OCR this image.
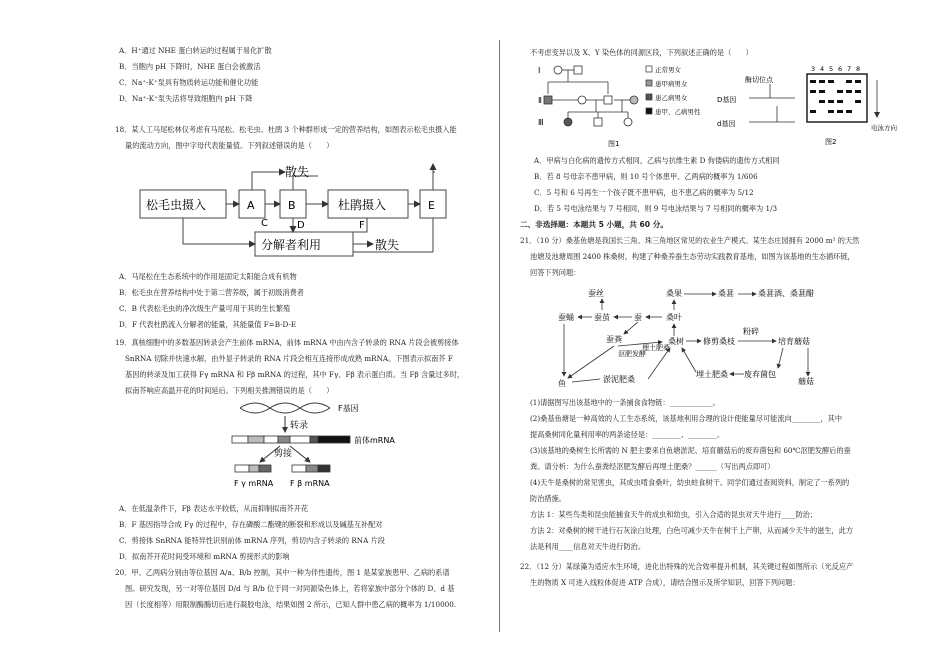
A．H⁺通过 NHE 蛋白转运的过程属于易化扩散
B．当胞内 pH 下降时，NHE 蛋白会被激活
C．Na⁺-K⁺泵具有物质转运功能和催化功能
D．Na⁺-K⁺泵失活将导致细胞内 pH 下降
18．某人工马尾松林仅考虑有马尾松、松毛虫、杜鹃 3 个种群形成一定的营养结构，如图表示松毛虫摄入能
量的流动方向，图中字母代表能量值。下列叙述错误的是（　　）
松毛虫摄入	A	B	杜鹃摄入	E
散失
C	D	F
分解者利用	散失
A．马尾松在生态系统中的作用是固定太阳能合成有机物
B．松毛虫在营养结构中处于第二营养级，属于初级消费者
C．B 代表松毛虫的净次级生产量可用于其的生长繁殖
D．F 代表杜鹃流入分解者的能量，其能量值 F=B-D-E
19．真核细胞中的多数基因转录会产生前体 mRNA，前体 mRNA 中由内含子转录的 RNA 片段会被剪接体
SnRNA 切除并快速水解，由外显子转录的 RNA 片段会相互连接形成成熟 mRNA。下图表示拟南芥 F
基因的转录及加工获得 Fγ mRNA 和 Fβ mRNA 的过程，其中 Fγ、Fβ 表示蛋白质。当 Fβ 含量过多时，
拟南芥响应高温开花的时间延后。下列相关推测错误的是（　　）
F基因
转录
前体mRNA
剪接
F γ mRNA F β mRNA
A．在低温条件下，Fβ 表达水平较低，从而抑制拟南芥开花
B．F 基因指导合成 Fγ 的过程中，存在磷酸二酯键的断裂和形成以及碱基互补配对
C．剪接体 SnRNA 能特异性识别前体 mRNA 序列，剪切内含子转录的 RNA 片段
D．拟南芥开花时间受环境和 mRNA 剪接形式的影响
20．甲、乙两病分别由等位基因 A/a、B/b 控制，其中一种为伴性遗传，图 1 是某家族患甲、乙病的系谱
图。研究发现，另一对等位基因 D/d 与 B/b 位于同一对同源染色体上，若将家族中部分个体的 D、d 基
因（长度相等）用限制酶酶切后进行凝胶电泳，结果如图 2 所示，已知人群中患乙病的概率为 1/10000.
不考虑变异以及 X、Y 染色体的同源区段，下列叙述正确的是（　　）
Ⅰ
Ⅱ
Ⅲ
正常男女
患甲病男女
患乙病男女
患甲、乙病男性
图1
酶切位点
D基因
d基因
3 4 5 6 7 8
电泳方向
图2
A．甲病与白化病的遗传方式相同，乙病与抗维生素 D 佝偻病的遗传方式相同
B．若 8 号母亲不患甲病，则 10 号个体患甲、乙两病的概率为 1/606
C．5 号和 6 号再生一个孩子既不患甲病，也不患乙病的概率为 5/12
D．若 5 号电泳结果与 7 号相同，则 9 号电泳结果与 7 号相同的概率为 1/3
二、非选择题：本题共 5 小题，共 60 分。
21．（10 分）桑基鱼塘是我国长三角、珠三角地区常见的农业生产模式。某生态庄园拥有 2000 m² 的天然
池塘及池塘周围 2400 株桑树，构建了种桑养蚕生态劳动实践教育基地，如图为该基地的生态循环链，
回答下列问题：
蚕丝
蚕蛹	蚕茧	蚕
桑果
桑叶
桑葚	桑葚酒、桑葚醋
蚕粪	桑树 修剪桑枝
粉碎
培育蘑菇
鱼	淤泥肥桑
埋土肥桑 废弃菌包
蘑菇
沤肥发酵
埋土肥桑
(1)请据图写出该基地中的一条捕食食物链：____________。
(2)桑基鱼塘是一种高效的人工生态系统，该基地利用合理的设计使能量尽可能流向________，其中
提高桑树同化量利用率的两条途径是：________、________。
(3)该基地的桑树生长所需的 N 肥主要来自鱼塘淤泥、培育蘑菇后的废弃菌包和 60℃沤肥发酵后的蚕
粪。请分析：为什么蚕粪经沤肥发酵后再埋土肥桑？______（写出两点即可）
(4)天牛是桑树的常见害虫，其成虫啃食桑叶，幼虫蛀食树干。同学们通过查阅资料，制定了一系列的
防治措施。
方法 1：某些鸟类和昆虫能捕食天牛的成虫和幼虫，引入合适的昆虫对天牛进行____防治；
方法 2：对桑树的树干进行石灰涂白处理，白色可减少天牛在树干上产卵，从而减少天牛的滋生，此方
法是利用____信息对天牛进行防治。
22．（12 分）某绿藻为适应水生环境，进化出特殊的光合效率提升机制，其关键过程如图所示（光反应产
生的物质 X 可进入线粒体促进 ATP 合成），请结合图示及所学知识，回答下列问题：
